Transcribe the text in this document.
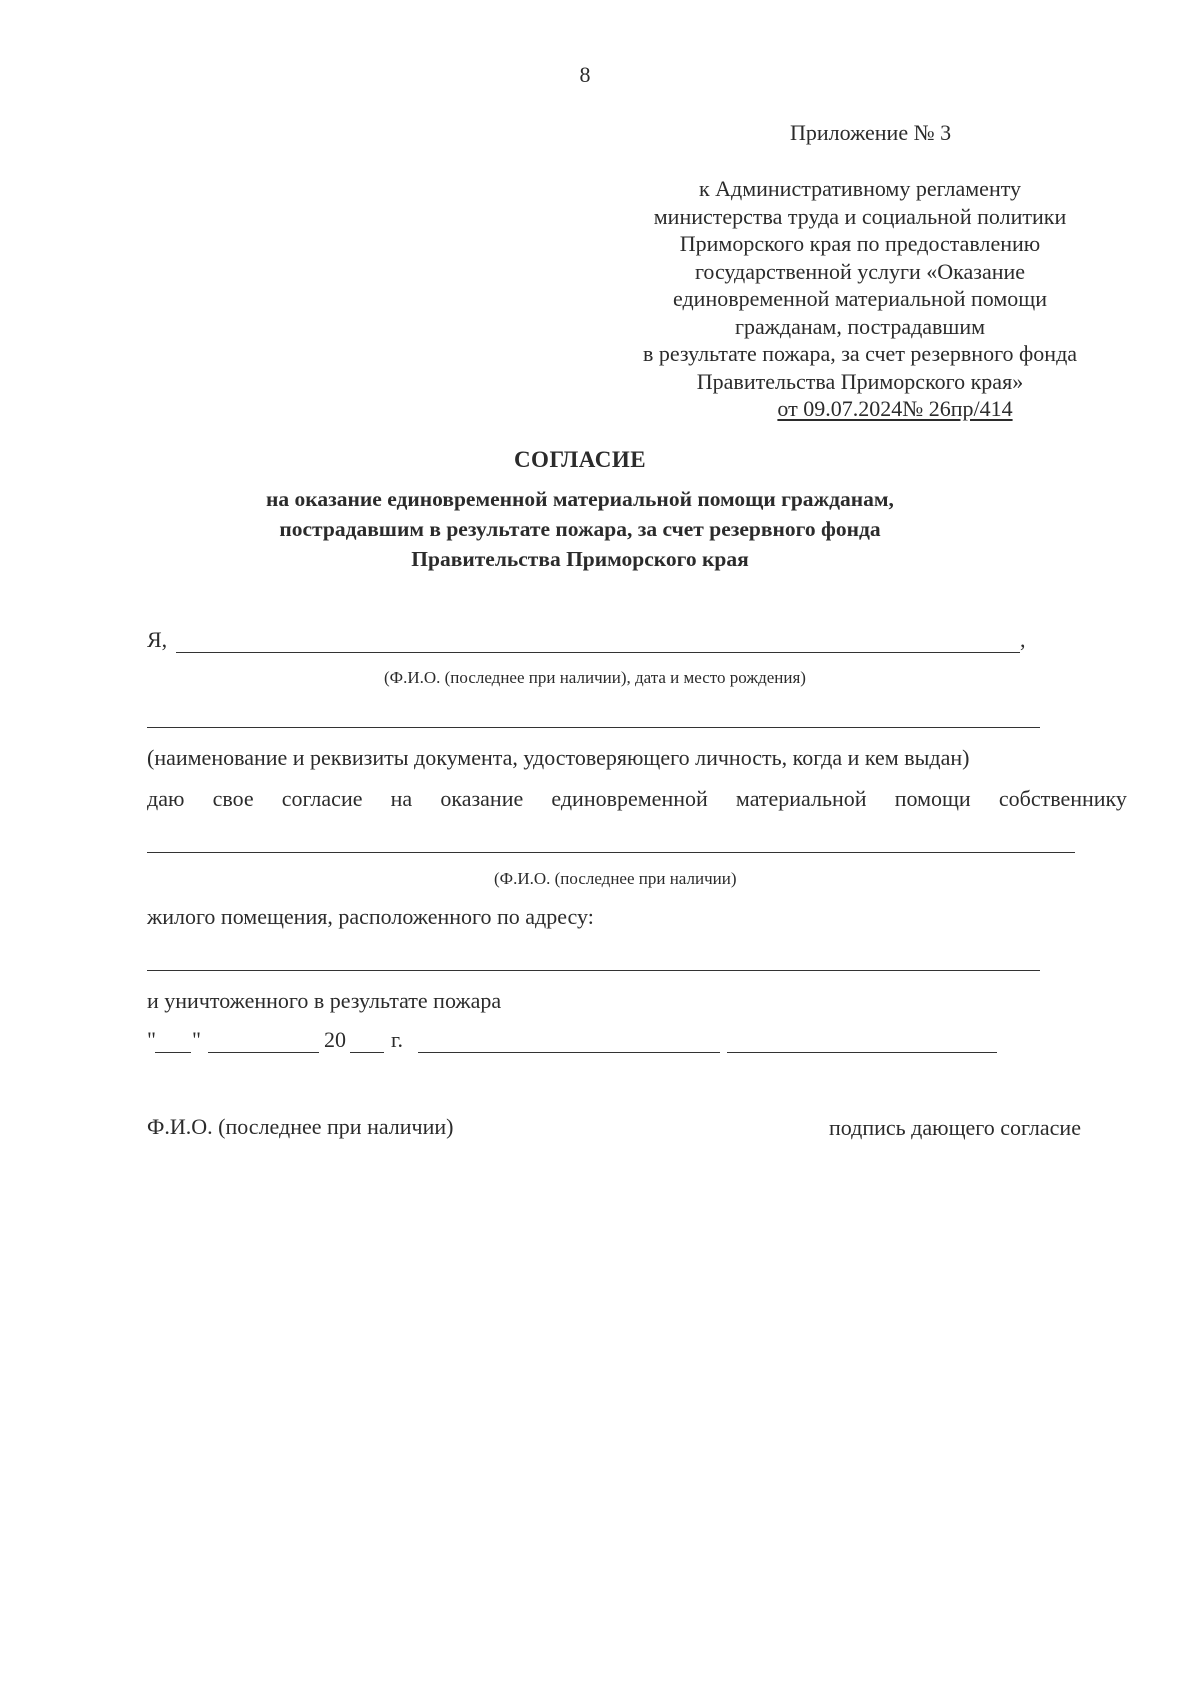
8
Приложение № 3
к Административному регламенту
министерства труда и социальной политики
Приморского края по предоставлению
государственной услуги «Оказание
единовременной материальной помощи
гражданам, пострадавшим
в результате пожара, за счет резервного фонда
Правительства Приморского края»
от 09.07.2024№ 26пр/414
СОГЛАСИЕ
на оказание единовременной материальной помощи гражданам,
пострадавшим в результате пожара, за счет резервного фонда
Правительства Приморского края
Я,	,
(Ф.И.О. (последнее при наличии), дата и место рождения)
(наименование и реквизиты документа, удостоверяющего личность, когда и кем выдан)
даю свое согласие на оказание единовременной материальной помощи собственнику
(Ф.И.О. (последнее при наличии)
жилого помещения, расположенного по адресу:
и уничтоженного в результате пожара
" "	20 г.
Ф.И.О. (последнее при наличии)	подпись дающего согласие
